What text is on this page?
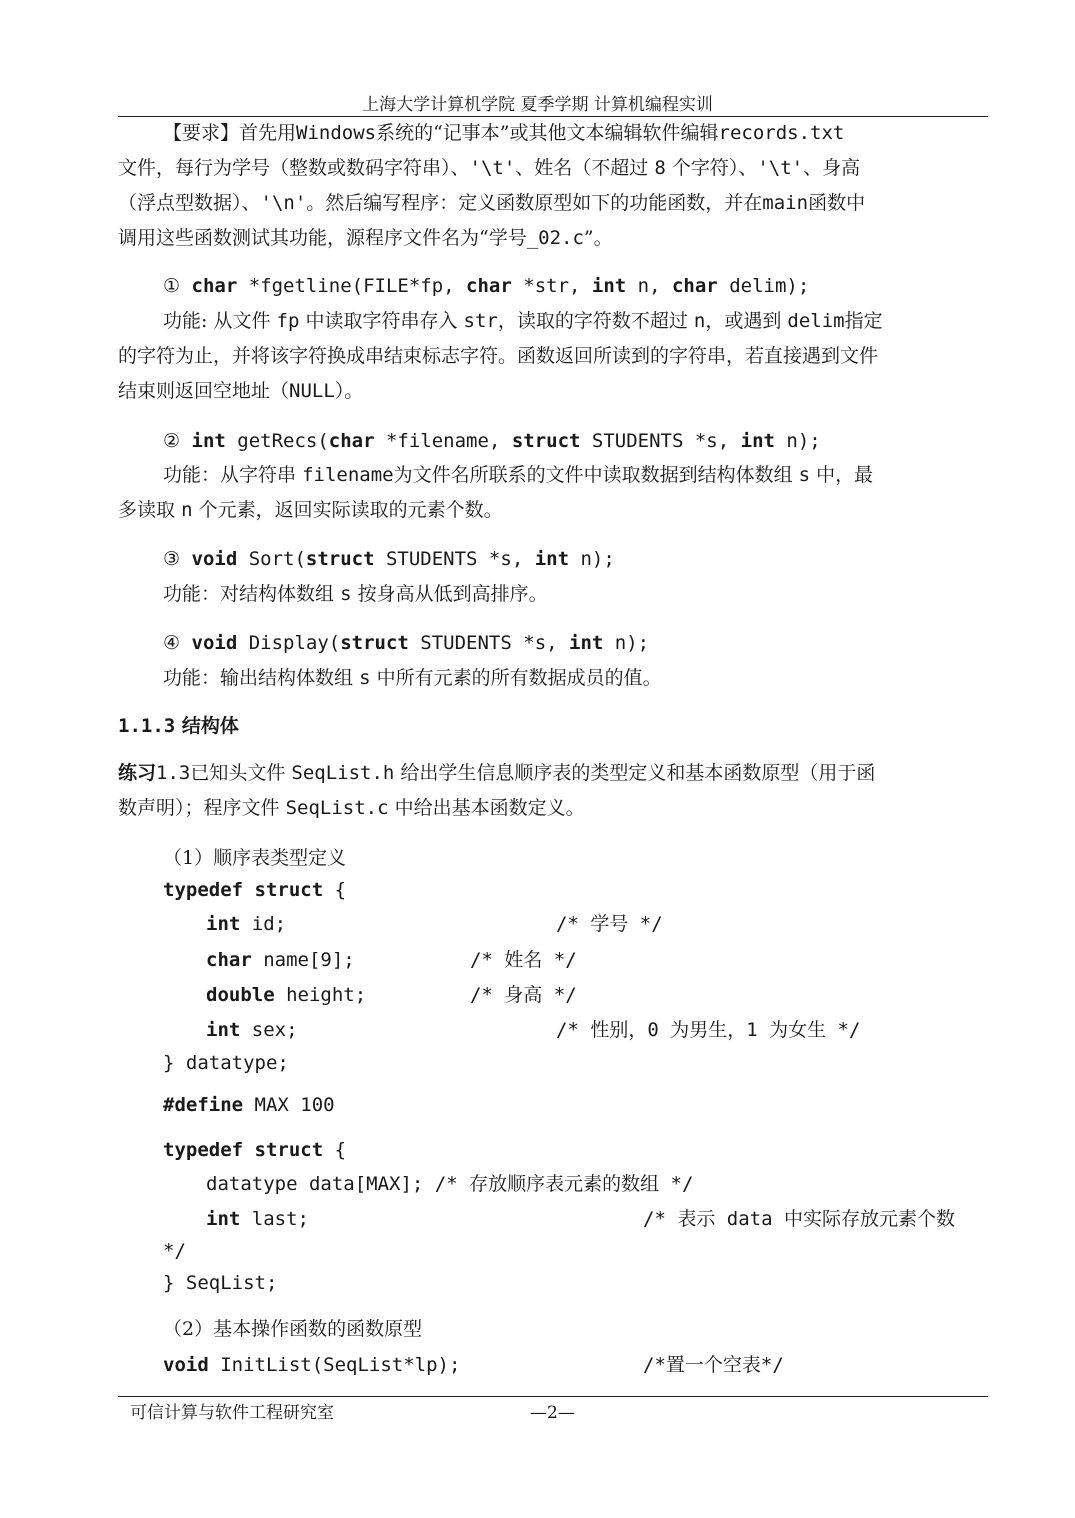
上海大学计算机学院 夏季学期 计算机编程实训
【要求】首先用Windows系统的“记事本”或其他文本编辑软件编辑records.txt
文件，每行为学号（整数或数码字符串）、'\t'、姓名（不超过 8 个字符）、'\t'、身高
（浮点型数据）、'\n'。然后编写程序：定义函数原型如下的功能函数，并在main函数中
调用这些函数测试其功能，源程序文件名为“学号_02.c”。
① char *fgetline(FILE*fp, char *str, int n, char delim);
功能: 从文件 fp 中读取字符串存入 str，读取的字符数不超过 n，或遇到 delim指定
的字符为止，并将该字符换成串结束标志字符。函数返回所读到的字符串，若直接遇到文件
结束则返回空地址（NULL）。
② int getRecs(char *filename, struct STUDENTS *s, int n);
功能：从字符串 filename为文件名所联系的文件中读取数据到结构体数组 s 中，最
多读取 n 个元素，返回实际读取的元素个数。
③ void Sort(struct STUDENTS *s, int n);
功能：对结构体数组 s 按身高从低到高排序。
④ void Display(struct STUDENTS *s, int n);
功能：输出结构体数组 s 中所有元素的所有数据成员的值。
1.1.3 结构体
练习1.3已知头文件 SeqList.h 给出学生信息顺序表的类型定义和基本函数原型（用于函
数声明）；程序文件 SeqList.c 中给出基本函数定义。
（1）顺序表类型定义
typedef struct {
int id;	/* 学号 */
char name[9];	/* 姓名 */
double height;	/* 身高 */
int sex;	/* 性别，0 为男生，1 为女生 */
} datatype;
#define MAX 100
typedef struct {
datatype data[MAX]; /* 存放顺序表元素的数组 */
int last;	/* 表示 data 中实际存放元素个数
*/
} SeqList;
（2）基本操作函数的函数原型
void InitList(SeqList*lp);	/*置一个空表*/
可信计算与软件工程研究室	—2—
